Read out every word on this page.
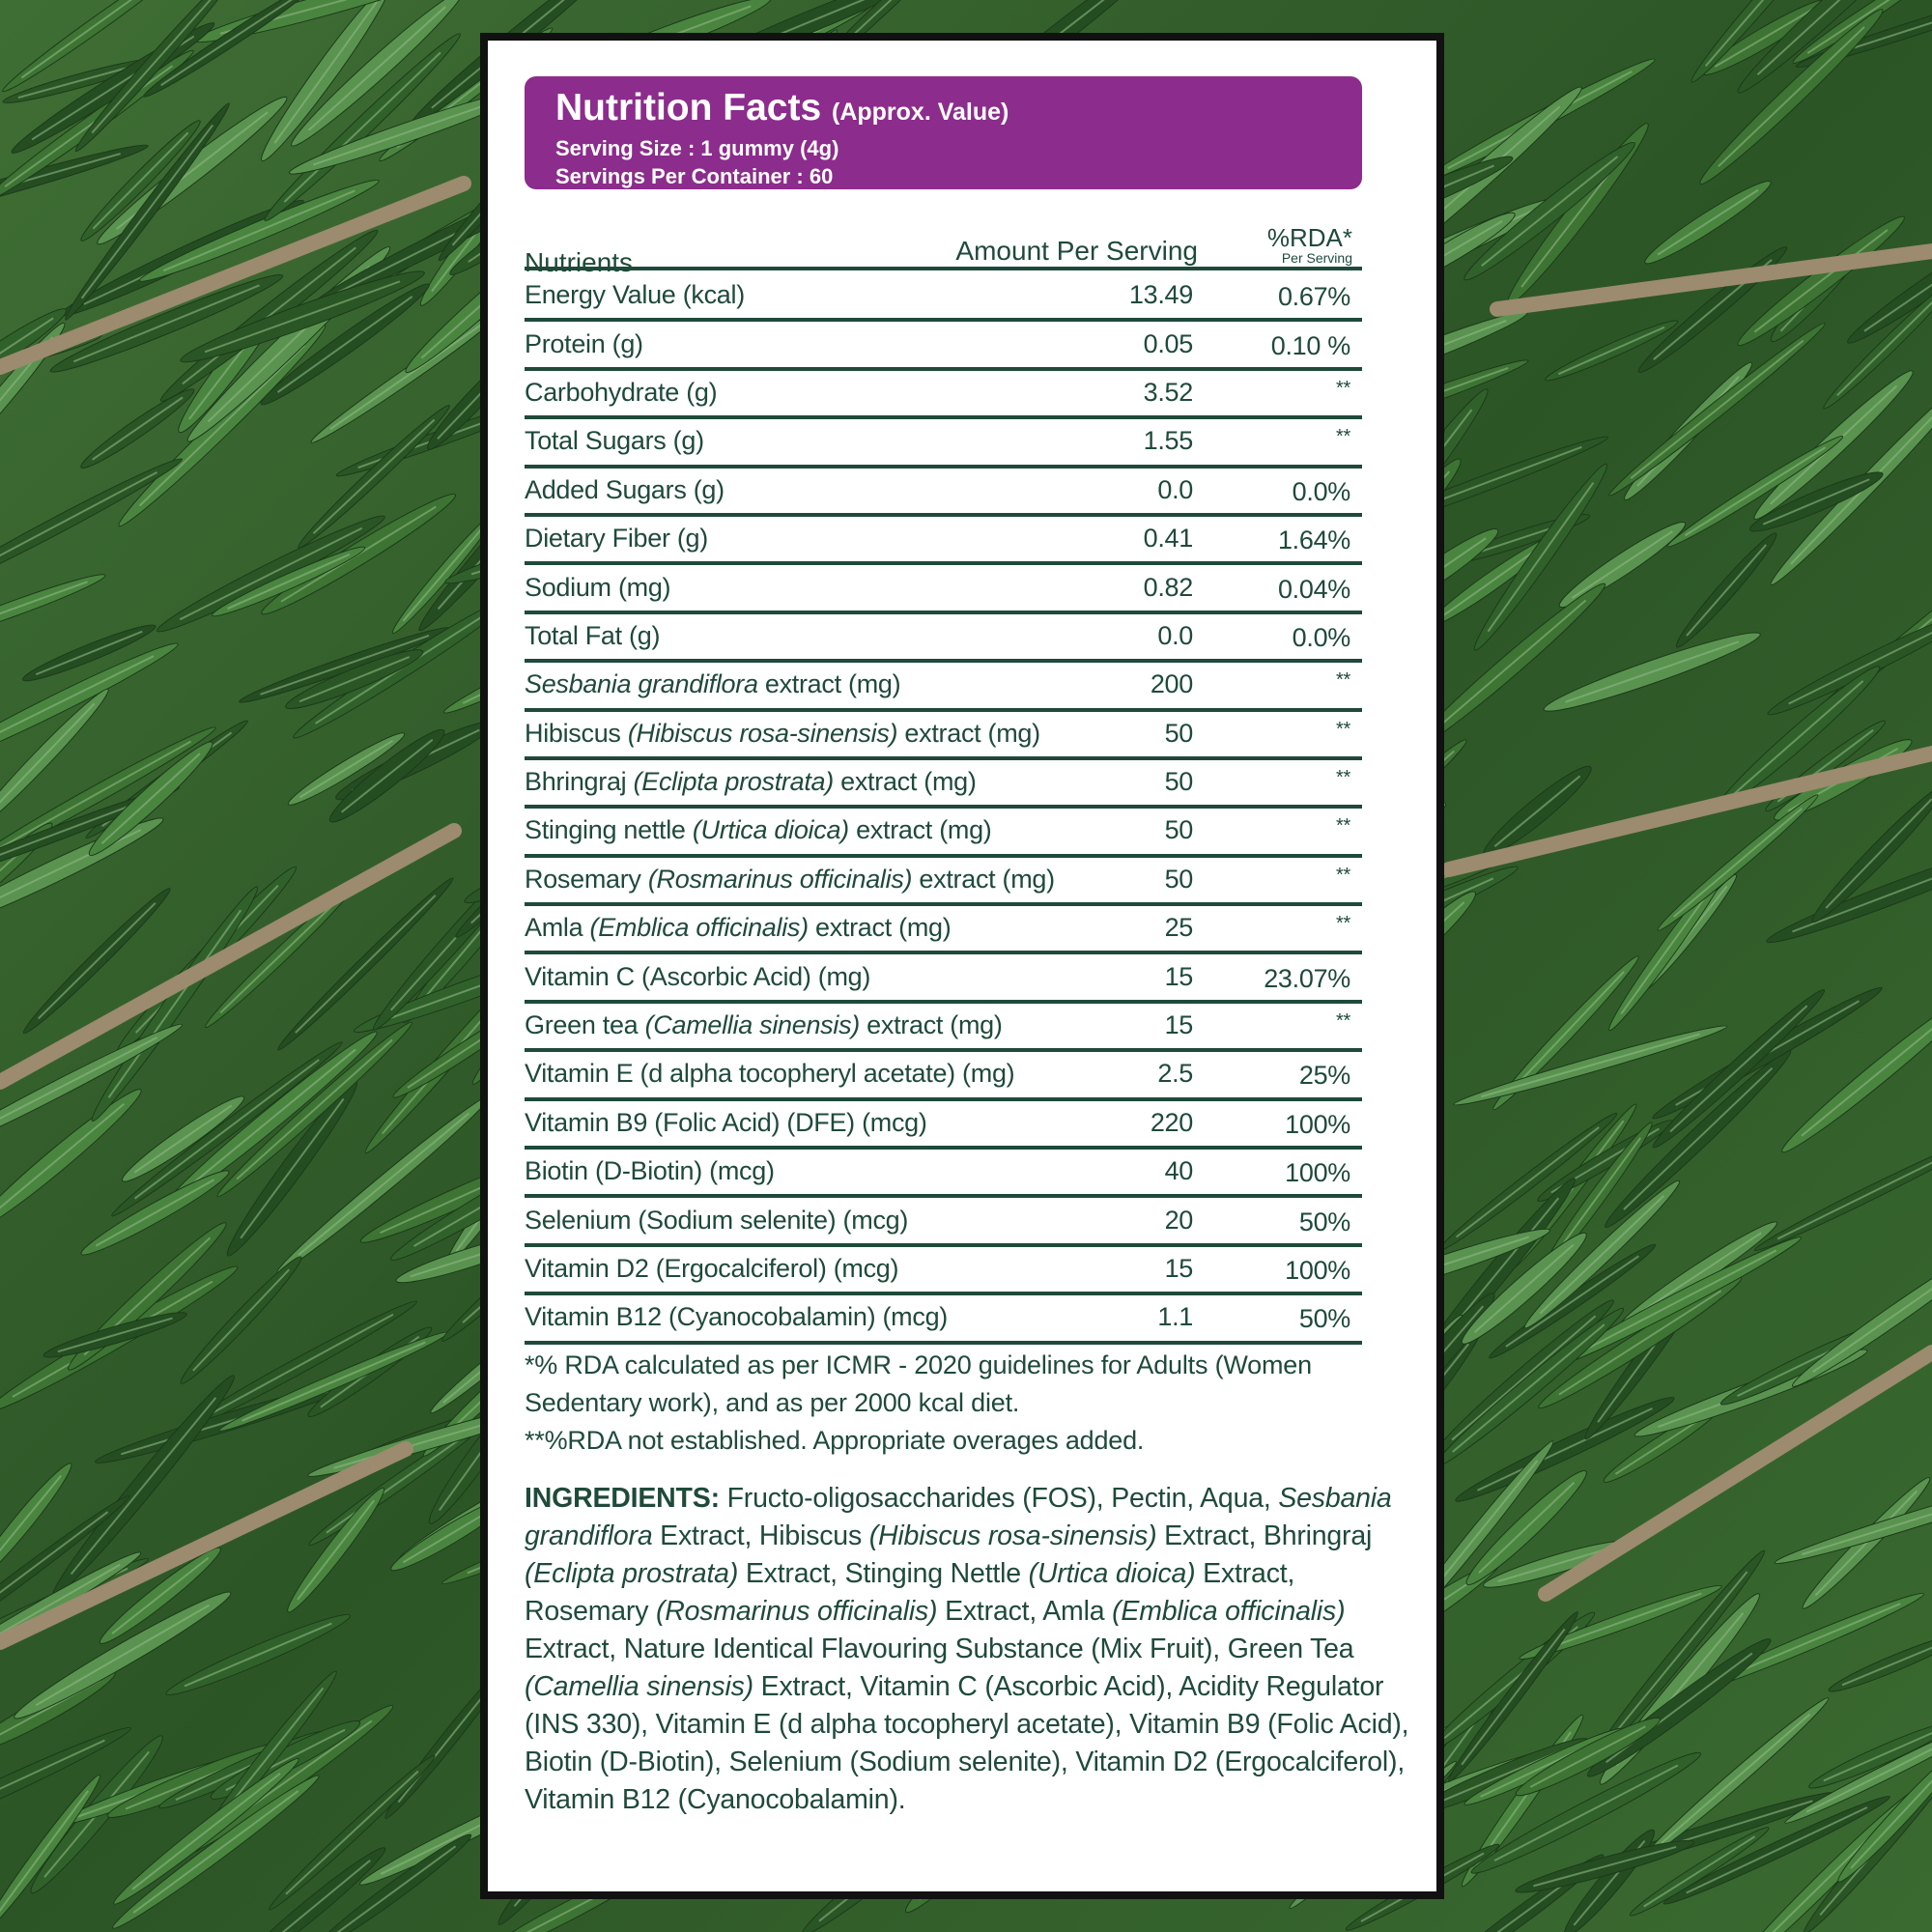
Nutrition Facts (Approx. Value)
Serving Size : 1 gummy (4g)
Servings Per Container : 60
Nutrients	Amount Per Serving	%RDA*
Per Serving
Energy Value (kcal)	13.49	0.67%
Protein (g)	0.05	0.10 %
Carbohydrate (g)	3.52	**
Total Sugars (g)	1.55	**
Added Sugars (g)	0.0	0.0%
Dietary Fiber (g)	0.41	1.64%
Sodium (mg)	0.82	0.04%
Total Fat (g)	0.0	0.0%
Sesbania grandiflora extract (mg)	200	**
Hibiscus (Hibiscus rosa-sinensis) extract (mg)	50	**
Bhringraj (Eclipta prostrata) extract (mg)	50	**
Stinging nettle (Urtica dioica) extract (mg)	50	**
Rosemary (Rosmarinus officinalis) extract (mg)	50	**
Amla (Emblica officinalis) extract (mg)	25	**
Vitamin C (Ascorbic Acid) (mg)	15	23.07%
Green tea (Camellia sinensis) extract (mg)	15	**
Vitamin E (d alpha tocopheryl acetate) (mg)	2.5	25%
Vitamin B9 (Folic Acid) (DFE) (mcg)	220	100%
Biotin (D-Biotin) (mcg)	40	100%
Selenium (Sodium selenite) (mcg)	20	50%
Vitamin D2 (Ergocalciferol) (mcg)	15	100%
Vitamin B12 (Cyanocobalamin) (mcg)	1.1	50%
*% RDA calculated as per ICMR - 2020 guidelines for Adults (Women Sedentary work), and as per 2000 kcal diet.
**%RDA not established. Appropriate overages added.
INGREDIENTS: Fructo-oligosaccharides (FOS), Pectin, Aqua, Sesbania grandiflora Extract, Hibiscus (Hibiscus rosa-sinensis) Extract, Bhringraj (Eclipta prostrata) Extract, Stinging Nettle (Urtica dioica) Extract, Rosemary (Rosmarinus officinalis) Extract, Amla (Emblica officinalis) Extract, Nature Identical Flavouring Substance (Mix Fruit), Green Tea (Camellia sinensis) Extract, Vitamin C (Ascorbic Acid), Acidity Regulator (INS 330), Vitamin E (d alpha tocopheryl acetate), Vitamin B9 (Folic Acid), Biotin (D-Biotin), Selenium (Sodium selenite), Vitamin D2 (Ergocalciferol), Vitamin B12 (Cyanocobalamin).
